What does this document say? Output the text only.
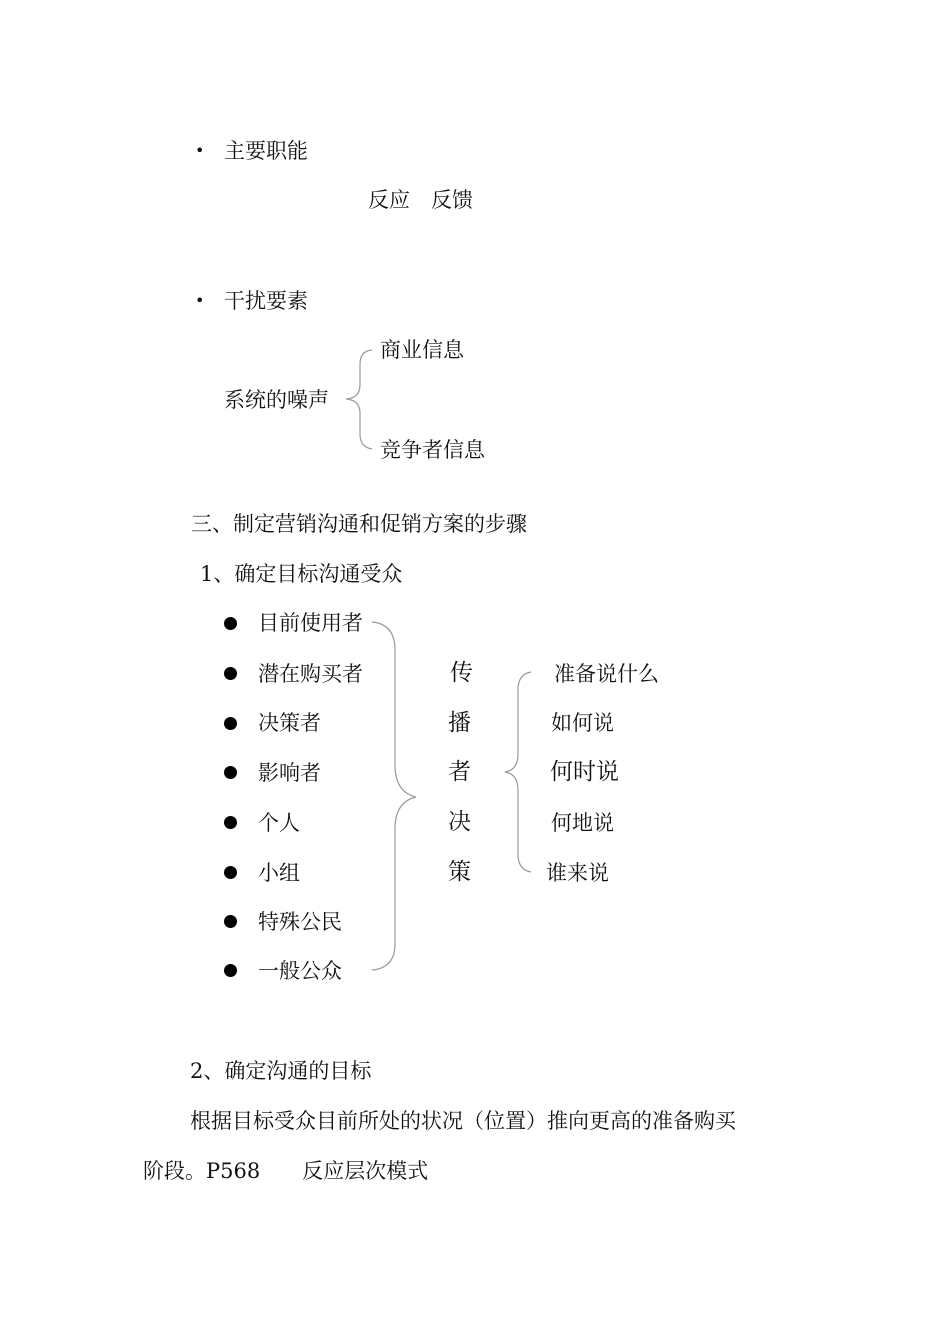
• 主要职能
反应　反馈
• 干扰要素
系统的噪声
商业信息
竞争者信息
三、制定营销沟通和促销方案的步骤
1、确定目标沟通受众
目前使用者
潜在购买者
决策者
影响者
个人
小组
特殊公民
一般公众
传
播
者
决
策
准备说什么
如何说
何时说
何地说
谁来说
2、确定沟通的目标
根据目标受众目前所处的状况（位置）推向更高的准备购买
阶段。P568　　反应层次模式
